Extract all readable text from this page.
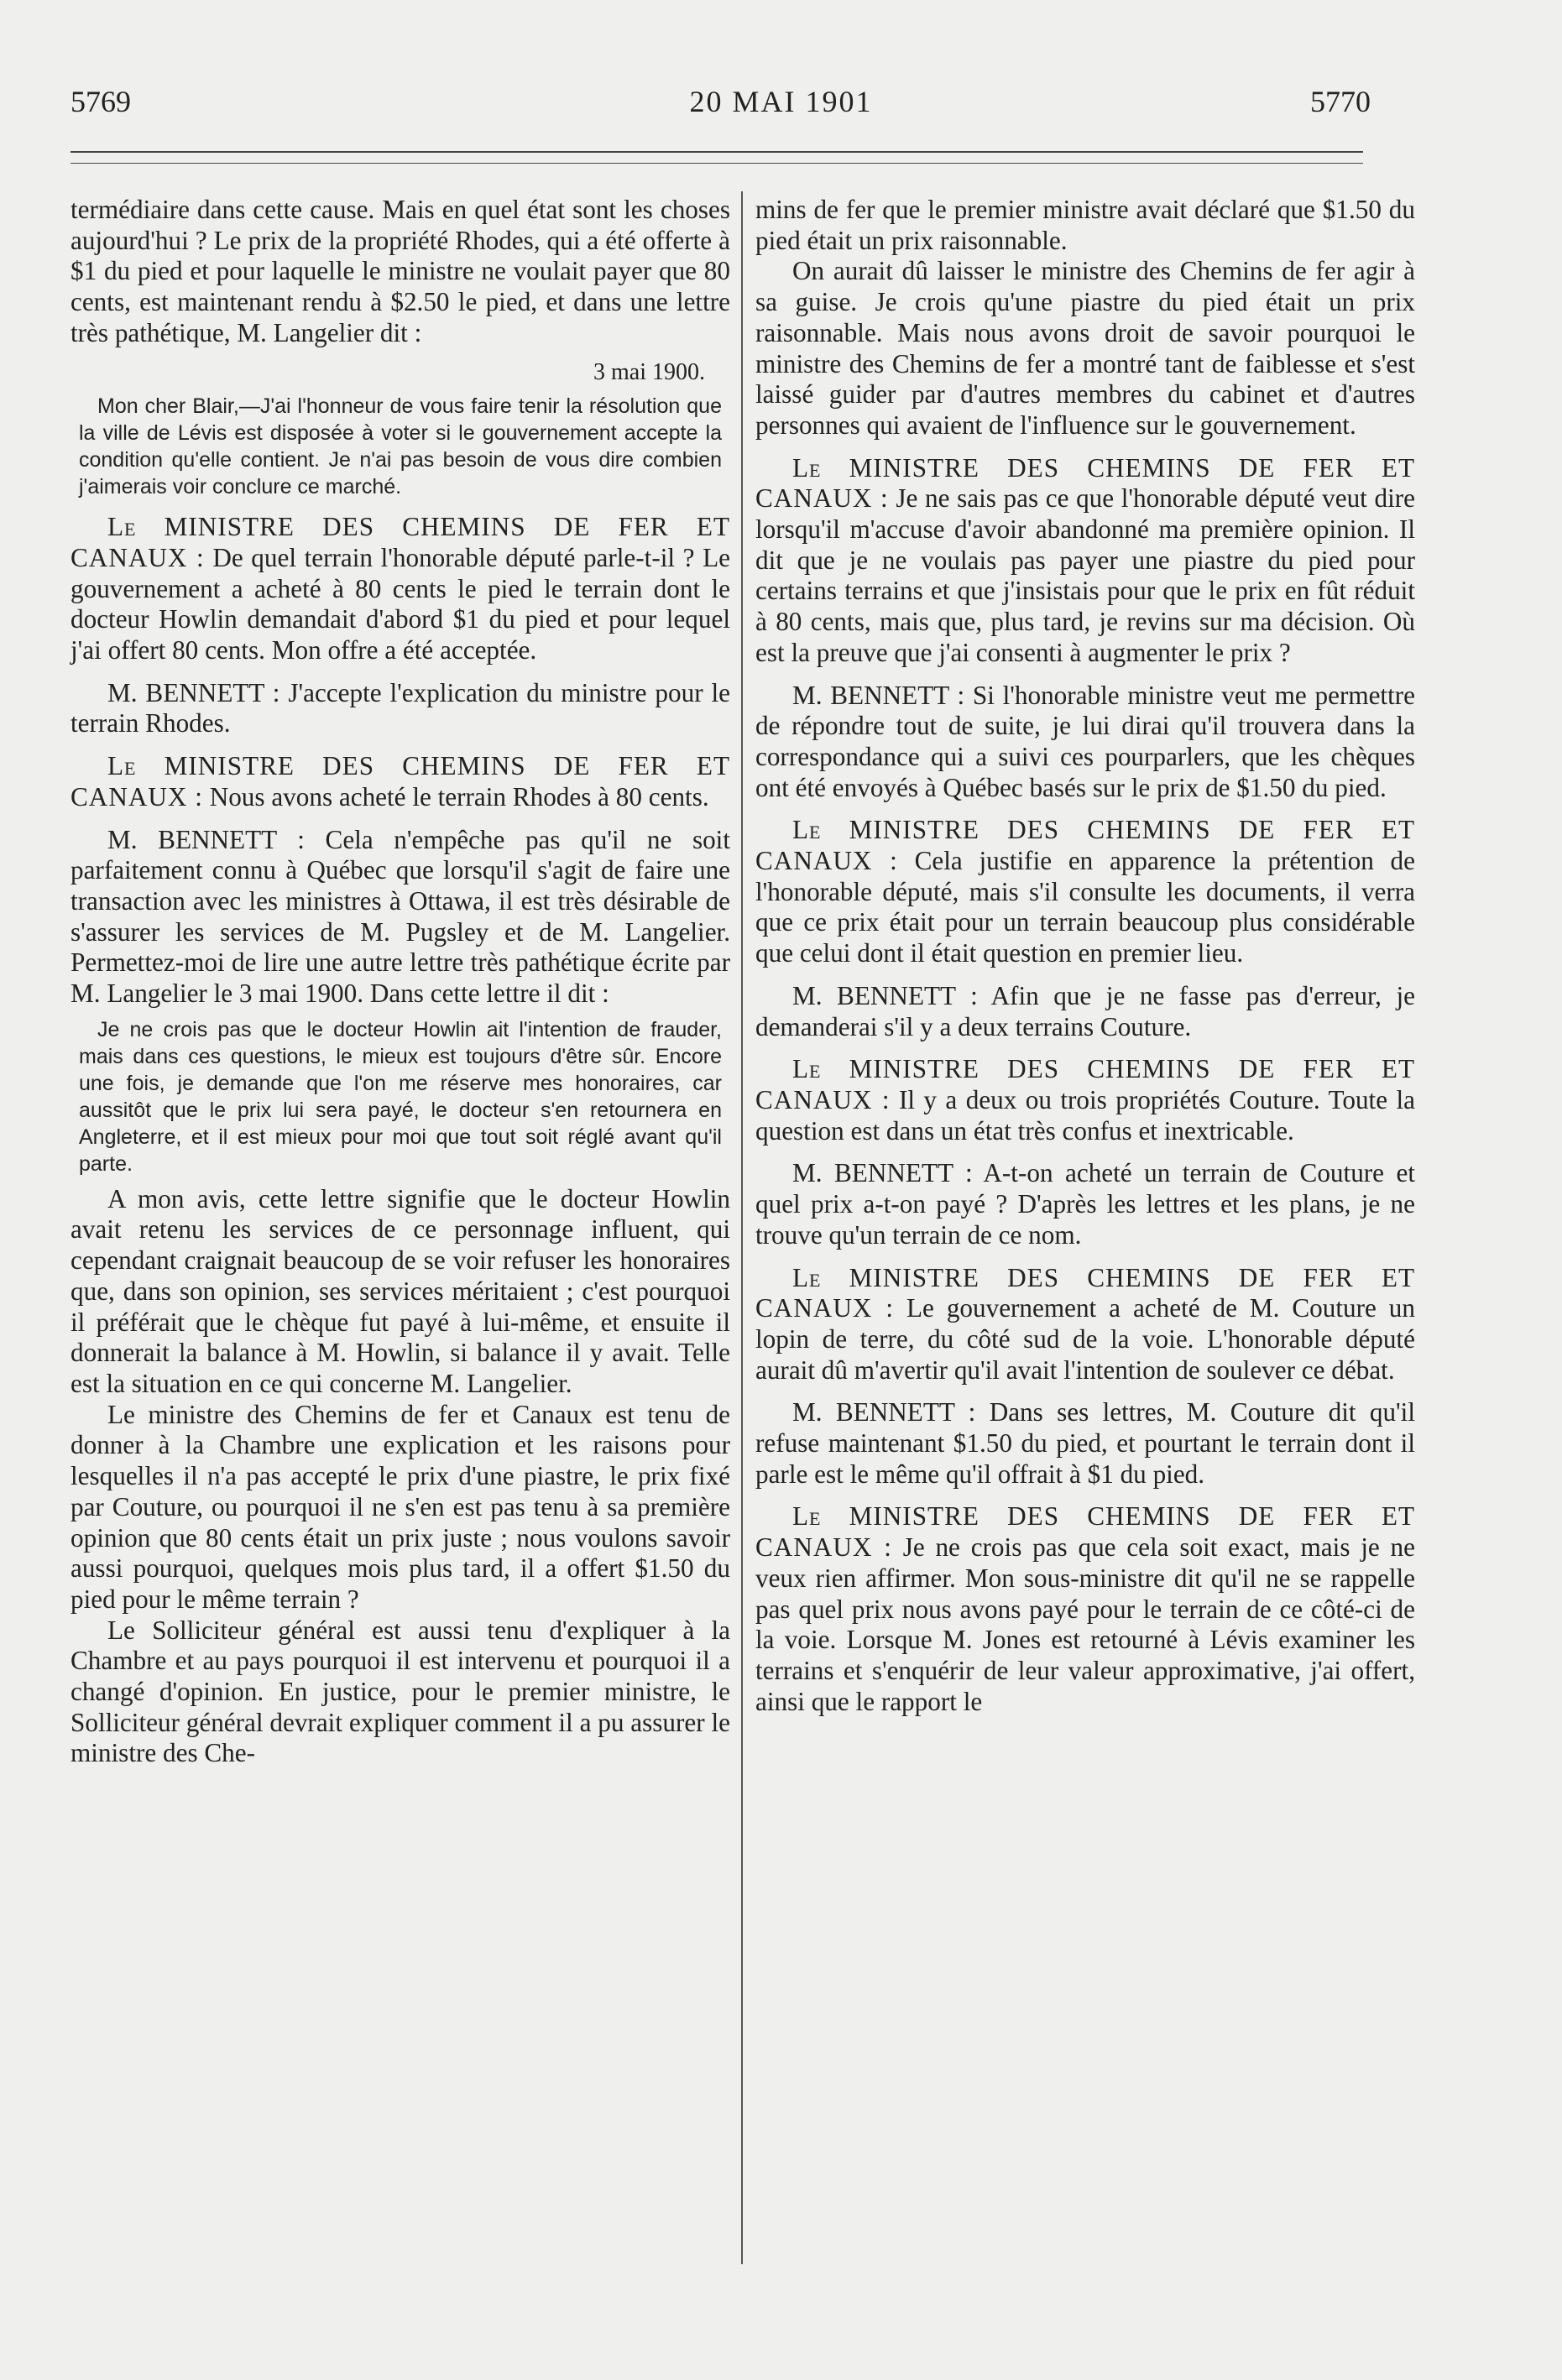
5769	20 MAI 1901	5770

termédiaire dans cette cause. Mais en quel état sont les choses aujourd'hui ? Le prix de la propriété Rhodes, qui a été offerte à $1 du pied et pour laquelle le ministre ne voulait payer que 80 cents, est maintenant rendu à $2.50 le pied, et dans une lettre très pathétique, M. Langelier dit :

3 mai 1900.

Mon cher Blair,—J'ai l'honneur de vous faire tenir la résolution que la ville de Lévis est disposée à voter si le gouvernement accepte la condition qu'elle contient. Je n'ai pas besoin de vous dire combien j'aimerais voir conclure ce marché.

Le MINISTRE DES CHEMINS DE FER ET CANAUX : De quel terrain l'honorable député parle-t-il ? Le gouvernement a acheté à 80 cents le pied le terrain dont le docteur Howlin demandait d'abord $1 du pied et pour lequel j'ai offert 80 cents. Mon offre a été acceptée.

M. BENNETT : J'accepte l'explication du ministre pour le terrain Rhodes.

Le MINISTRE DES CHEMINS DE FER ET CANAUX : Nous avons acheté le terrain Rhodes à 80 cents.

M. BENNETT : Cela n'empêche pas qu'il ne soit parfaitement connu à Québec que lorsqu'il s'agit de faire une transaction avec les ministres à Ottawa, il est très désirable de s'assurer les services de M. Pugsley et de M. Langelier. Permettez-moi de lire une autre lettre très pathétique écrite par M. Langelier le 3 mai 1900. Dans cette lettre il dit :

Je ne crois pas que le docteur Howlin ait l'intention de frauder, mais dans ces questions, le mieux est toujours d'être sûr. Encore une fois, je demande que l'on me réserve mes honoraires, car aussitôt que le prix lui sera payé, le docteur s'en retournera en Angleterre, et il est mieux pour moi que tout soit réglé avant qu'il parte.

A mon avis, cette lettre signifie que le docteur Howlin avait retenu les services de ce personnage influent, qui cependant craignait beaucoup de se voir refuser les honoraires que, dans son opinion, ses services méritaient ; c'est pourquoi il préférait que le chèque fut payé à lui-même, et ensuite il donnerait la balance à M. Howlin, si balance il y avait. Telle est la situation en ce qui concerne M. Langelier.

Le ministre des Chemins de fer et Canaux est tenu de donner à la Chambre une explication et les raisons pour lesquelles il n'a pas accepté le prix d'une piastre, le prix fixé par Couture, ou pourquoi il ne s'en est pas tenu à sa première opinion que 80 cents était un prix juste ; nous voulons savoir aussi pourquoi, quelques mois plus tard, il a offert $1.50 du pied pour le même terrain ?

Le Solliciteur général est aussi tenu d'expliquer à la Chambre et au pays pourquoi il est intervenu et pourquoi il a changé d'opinion. En justice, pour le premier ministre, le Solliciteur général devrait expliquer comment il a pu assurer le ministre des Che-

mins de fer que le premier ministre avait déclaré que $1.50 du pied était un prix raisonnable.

On aurait dû laisser le ministre des Chemins de fer agir à sa guise. Je crois qu'une piastre du pied était un prix raisonnable. Mais nous avons droit de savoir pourquoi le ministre des Chemins de fer a montré tant de faiblesse et s'est laissé guider par d'autres membres du cabinet et d'autres personnes qui avaient de l'influence sur le gouvernement.

Le MINISTRE DES CHEMINS DE FER ET CANAUX : Je ne sais pas ce que l'honorable député veut dire lorsqu'il m'accuse d'avoir abandonné ma première opinion. Il dit que je ne voulais pas payer une piastre du pied pour certains terrains et que j'insistais pour que le prix en fût réduit à 80 cents, mais que, plus tard, je revins sur ma décision. Où est la preuve que j'ai consenti à augmenter le prix ?

M. BENNETT : Si l'honorable ministre veut me permettre de répondre tout de suite, je lui dirai qu'il trouvera dans la correspondance qui a suivi ces pourparlers, que les chèques ont été envoyés à Québec basés sur le prix de $1.50 du pied.

Le MINISTRE DES CHEMINS DE FER ET CANAUX : Cela justifie en apparence la prétention de l'honorable député, mais s'il consulte les documents, il verra que ce prix était pour un terrain beaucoup plus considérable que celui dont il était question en premier lieu.

M. BENNETT : Afin que je ne fasse pas d'erreur, je demanderai s'il y a deux terrains Couture.

Le MINISTRE DES CHEMINS DE FER ET CANAUX : Il y a deux ou trois propriétés Couture. Toute la question est dans un état très confus et inextricable.

M. BENNETT : A-t-on acheté un terrain de Couture et quel prix a-t-on payé ? D'après les lettres et les plans, je ne trouve qu'un terrain de ce nom.

Le MINISTRE DES CHEMINS DE FER ET CANAUX : Le gouvernement a acheté de M. Couture un lopin de terre, du côté sud de la voie. L'honorable député aurait dû m'avertir qu'il avait l'intention de soulever ce débat.

M. BENNETT : Dans ses lettres, M. Couture dit qu'il refuse maintenant $1.50 du pied, et pourtant le terrain dont il parle est le même qu'il offrait à $1 du pied.

Le MINISTRE DES CHEMINS DE FER ET CANAUX : Je ne crois pas que cela soit exact, mais je ne veux rien affirmer. Mon sous-ministre dit qu'il ne se rappelle pas quel prix nous avons payé pour le terrain de ce côté-ci de la voie. Lorsque M. Jones est retourné à Lévis examiner les terrains et s'enquérir de leur valeur approximative, j'ai offert, ainsi que le rapport le
